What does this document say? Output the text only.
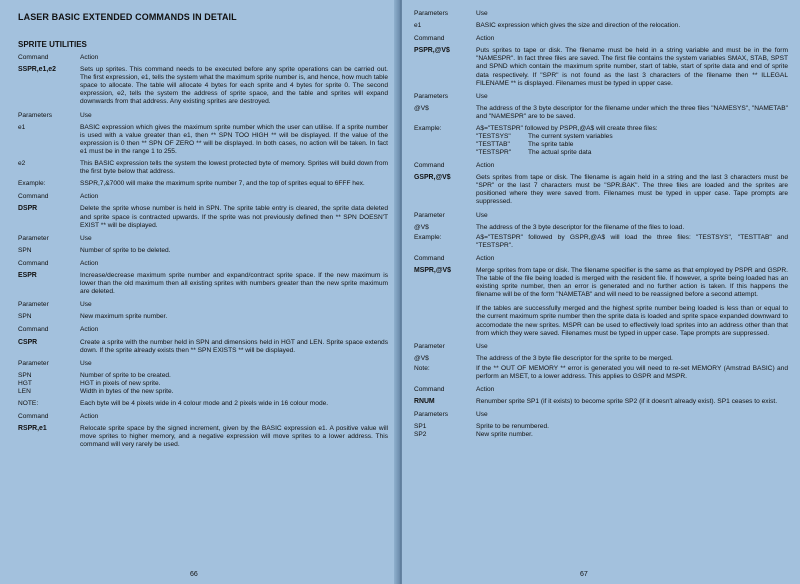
LASER BASIC EXTENDED COMMANDS IN DETAIL
SPRITE UTILITIES
Command	Action
SSPR,e1,e2	Sets up sprites. This command needs to be executed before any sprite operations can be carried out. The first expression, e1, tells the system what the maximum sprite number is, and hence, how much table space to allocate. The table will allocate 4 bytes for each sprite and 4 bytes for sprite 0. The second expression, e2, tells the system the address of sprite space, and the table and sprites will expand downwards from that address. Any existing sprites are destroyed.
Parameters	Use
e1	BASIC expression which gives the maximum sprite number which the user can utilise. If a sprite number is used with a value greater than e1, then ** SPN TOO HIGH ** will be displayed. If the value of the expression is 0 then ** SPN OF ZERO ** will be displayed. In both cases, no action will be taken. In fact e1 must be in the range 1 to 255.
e2	This BASIC expression tells the system the lowest protected byte of memory. Sprites will build down from the first byte below that address.
Example:	SSPR,7,&7000 will make the maximum sprite number 7, and the top of sprites equal to 6FFF hex.
Command	Action
DSPR	Delete the sprite whose number is held in SPN. The sprite table entry is cleared, the sprite data deleted and sprite space is contracted upwards. If the sprite was not previously defined then ** SPN DOESN'T EXIST ** will be displayed.
Parameter	Use
SPN	Number of sprite to be deleted.
Command	Action
ESPR	Increase/decrease maximum sprite number and expand/contract sprite space. If the new maximum is lower than the old maximum then all existing sprites with numbers greater than the new sprite maximum are deleted.
Parameter	Use
SPN	New maximum sprite number.
Command	Action
CSPR	Create a sprite with the number held in SPN and dimensions held in HGT and LEN. Sprite space extends down. If the sprite already exists then ** SPN EXISTS ** will be displayed.
Parameter	Use
SPN	Number of sprite to be created.
HGT	HGT in pixels of new sprite.
LEN	Width in bytes of the new sprite.
NOTE:	Each byte will be 4 pixels wide in 4 colour mode and 2 pixels wide in 16 colour mode.
Command	Action
RSPR,e1	Relocate sprite space by the signed increment, given by the BASIC expression e1. A positive value will move sprites to higher memory, and a negative expression will move sprites to a lower address. This command will very rarely be used.
66
Parameters	Use
e1	BASIC expression which gives the size and direction of the relocation.
Command	Action
PSPR,@V$	Puts sprites to tape or disk. The filename must be held in a string variable and must be in the form "NAMESPR". In fact three files are saved. The first file contains the system variables SMAX, STAB, SPST and SPND which contain the maximum sprite number, start of table, start of sprite data and end of sprite data respectively. If "SPR" is not found as the last 3 characters of the filename then ** ILLEGAL FILENAME ** is displayed. Filenames must be typed in upper case.
Parameters	Use
@V$	The address of the 3 byte descriptor for the filename under which the three files "NAMESYS", "NAMETAB" and "NAMESPR" are to be saved.
Example:	A$="TESTSPR" followed by PSPR,@A$ will create three files:
"TESTSYS"	The current system variables
"TESTTAB"	The sprite table
"TESTSPR"	The actual sprite data
Command	Action
GSPR,@V$	Gets sprites from tape or disk. The filename is again held in a string and the last 3 characters must be "SPR" or the last 7 characters must be "SPR.BAK". The three files are loaded and the sprites are positioned where they were saved from. Filenames must be typed in upper case. Tape prompts are suppressed.
Parameter	Use
@V$	The address of the 3 byte descriptor for the filename of the files to load.
Example:	A$="TESTSPR" followed by GSPR,@A$ will load the three files: "TESTSYS", "TESTTAB" and "TESTSPR".
Command	Action
MSPR,@V$	Merge sprites from tape or disk. The filename specifier is the same as that employed by PSPR and GSPR. The table of the file being loaded is merged with the resident file. If however, a sprite being loaded has an existing sprite number, then an error is generated and no further action is taken. If this happens the filename will be of the form "NAMETAB" and will need to be reassigned before a second attempt.
If the tables are successfully merged and the highest sprite number being loaded is less than or equal to the current maximum sprite number then the sprite data is loaded and sprite space expanded downward to accomodate the new sprites. MSPR can be used to effectively load sprites into an address other than that from which they were saved. Filenames must be typed in upper case. Tape prompts are suppressed.
Parameter	Use
@V$	The address of the 3 byte file descriptor for the sprite to be merged.
Note:	If the ** OUT OF MEMORY ** error is generated you will need to re-set MEMORY (Amstrad BASIC) and perform an MSET, to a lower address. This applies to GSPR and MSPR.
Command	Action
RNUM	Renumber sprite SP1 (if it exists) to become sprite SP2 (if it doesn't already exist). SP1 ceases to exist.
Parameters	Use
SP1	Sprite to be renumbered.
SP2	New sprite number.
67
